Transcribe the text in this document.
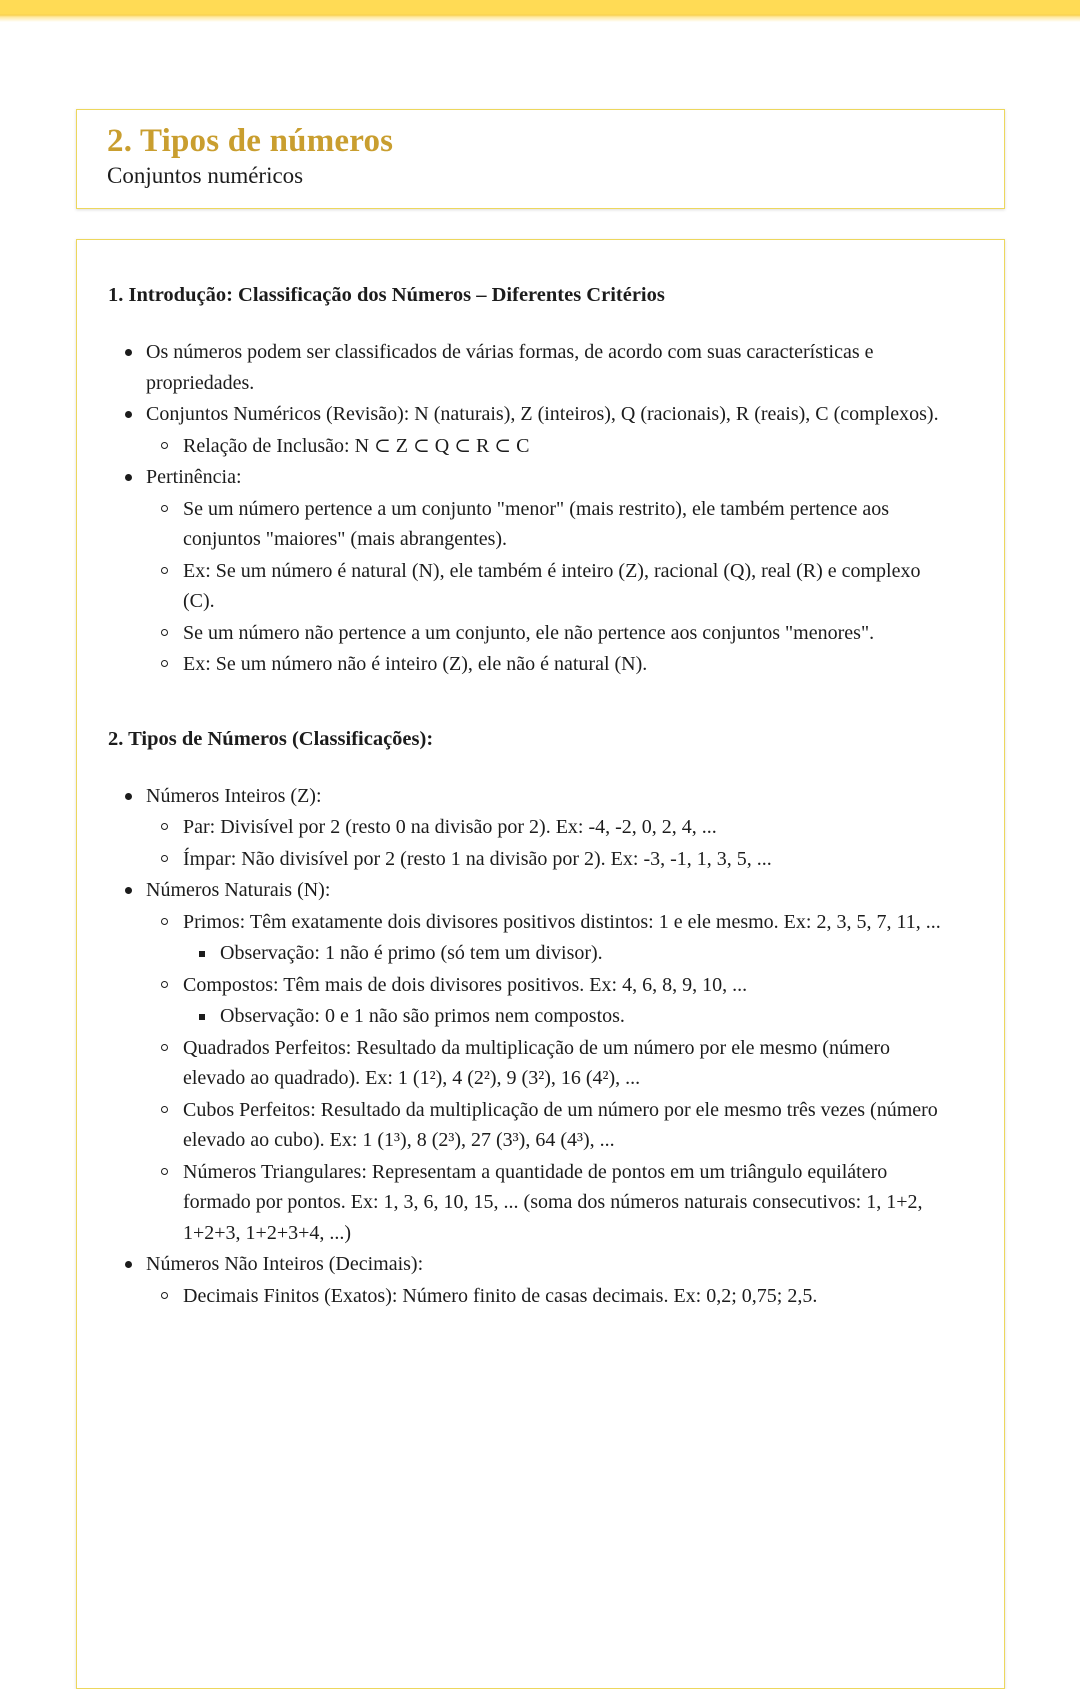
2. Tipos de números

Conjuntos numéricos

1. Introdução: Classificação dos Números – Diferentes Critérios
Os números podem ser classificados de várias formas, de acordo com suas características e propriedades.
Conjuntos Numéricos (Revisão): N (naturais), Z (inteiros), Q (racionais), R (reais), C (complexos).
Relação de Inclusão: N ⊂ Z ⊂ Q ⊂ R ⊂ C
Pertinência:
Se um número pertence a um conjunto "menor" (mais restrito), ele também pertence aos conjuntos "maiores" (mais abrangentes).
Ex: Se um número é natural (N), ele também é inteiro (Z), racional (Q), real (R) e complexo (C).
Se um número não pertence a um conjunto, ele não pertence aos conjuntos "menores".
Ex: Se um número não é inteiro (Z), ele não é natural (N).
2. Tipos de Números (Classificações):
Números Inteiros (Z):
Par: Divisível por 2 (resto 0 na divisão por 2). Ex: -4, -2, 0, 2, 4, ...
Ímpar: Não divisível por 2 (resto 1 na divisão por 2). Ex: -3, -1, 1, 3, 5, ...
Números Naturais (N):
Primos: Têm exatamente dois divisores positivos distintos: 1 e ele mesmo. Ex: 2, 3, 5, 7, 11, ...
Observação: 1 não é primo (só tem um divisor).
Compostos: Têm mais de dois divisores positivos. Ex: 4, 6, 8, 9, 10, ...
Observação: 0 e 1 não são primos nem compostos.
Quadrados Perfeitos: Resultado da multiplicação de um número por ele mesmo (número elevado ao quadrado). Ex: 1 (1²), 4 (2²), 9 (3²), 16 (4²), ...
Cubos Perfeitos: Resultado da multiplicação de um número por ele mesmo três vezes (número elevado ao cubo). Ex: 1 (1³), 8 (2³), 27 (3³), 64 (4³), ...
Números Triangulares: Representam a quantidade de pontos em um triângulo equilátero formado por pontos. Ex: 1, 3, 6, 10, 15, ... (soma dos números naturais consecutivos: 1, 1+2, 1+2+3, 1+2+3+4, ...)
Números Não Inteiros (Decimais):
Decimais Finitos (Exatos): Número finito de casas decimais. Ex: 0,2; 0,75; 2,5.
